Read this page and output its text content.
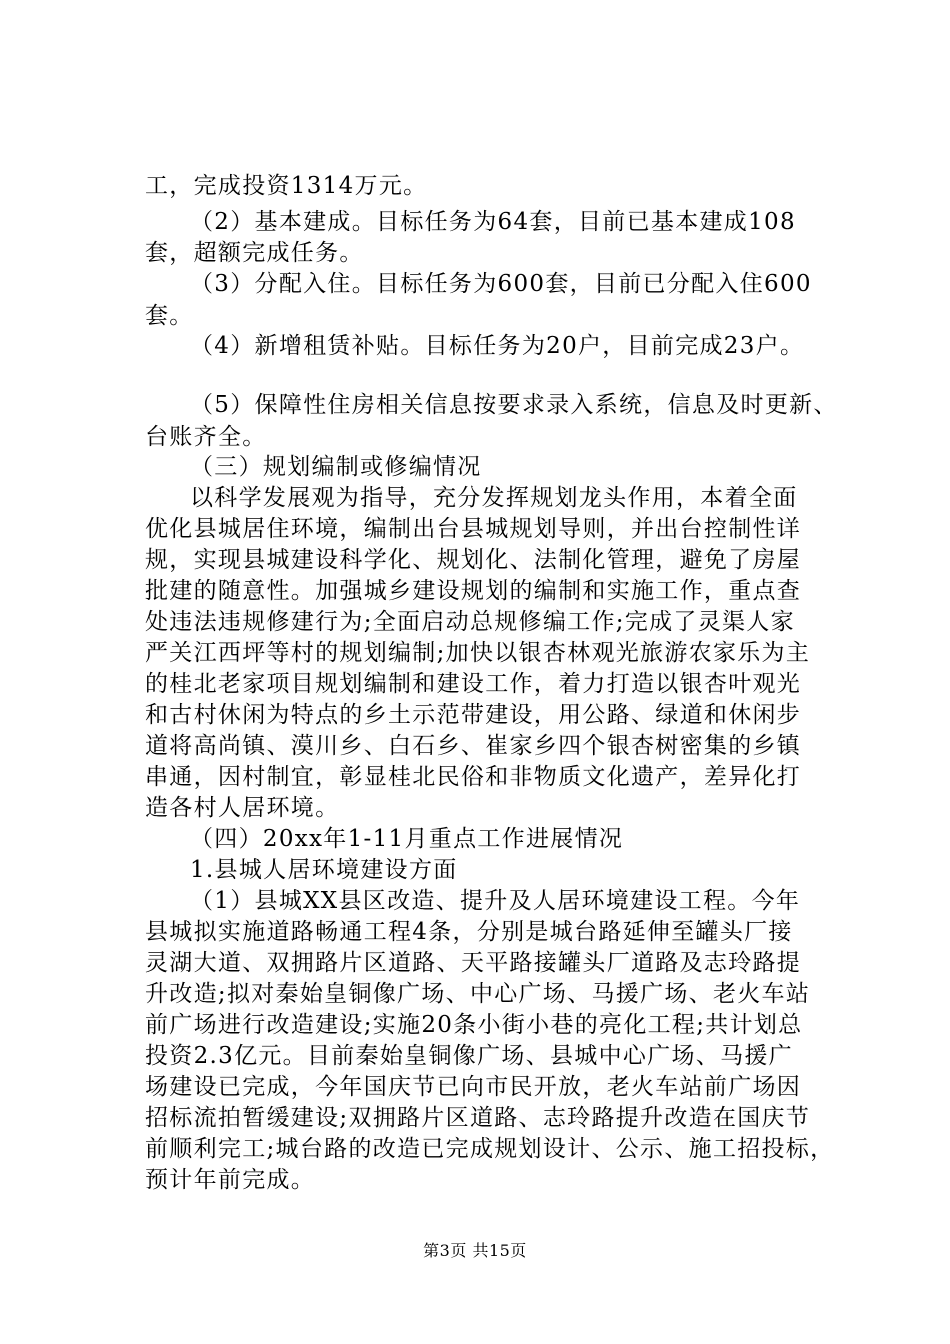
工，完成投资1314万元。
（2）基本建成。目标任务为64套，目前已基本建成108
套，超额完成任务。
（3）分配入住。目标任务为600套，目前已分配入住600
套。
（4）新增租赁补贴。目标任务为20户，目前完成23户。
（5）保障性住房相关信息按要求录入系统，信息及时更新、
台账齐全。
（三）规划编制或修编情况
以科学发展观为指导，充分发挥规划龙头作用，本着全面
优化县城居住环境，编制出台县城规划导则，并出台控制性详
规，实现县城建设科学化、规划化、法制化管理，避免了房屋
批建的随意性。加强城乡建设规划的编制和实施工作，重点查
处违法违规修建行为;全面启动总规修编工作;完成了灵渠人家
严关江西坪等村的规划编制;加快以银杏林观光旅游农家乐为主
的桂北老家项目规划编制和建设工作，着力打造以银杏叶观光
和古村休闲为特点的乡土示范带建设，用公路、绿道和休闲步
道将高尚镇、漠川乡、白石乡、崔家乡四个银杏树密集的乡镇
串通，因村制宜，彰显桂北民俗和非物质文化遗产，差异化打
造各村人居环境。
（四）20xx年1-11月重点工作进展情况
1.县城人居环境建设方面
（1）县城XX县区改造、提升及人居环境建设工程。今年
县城拟实施道路畅通工程4条，分别是城台路延伸至罐头厂接
灵湖大道、双拥路片区道路、天平路接罐头厂道路及志玲路提
升改造;拟对秦始皇铜像广场、中心广场、马援广场、老火车站
前广场进行改造建设;实施20条小街小巷的亮化工程;共计划总
投资2.3亿元。目前秦始皇铜像广场、县城中心广场、马援广
场建设已完成，今年国庆节已向市民开放，老火车站前广场因
招标流拍暂缓建设;双拥路片区道路、志玲路提升改造在国庆节
前顺利完工;城台路的改造已完成规划设计、公示、施工招投标，
预计年前完成。
第3页 共15页
